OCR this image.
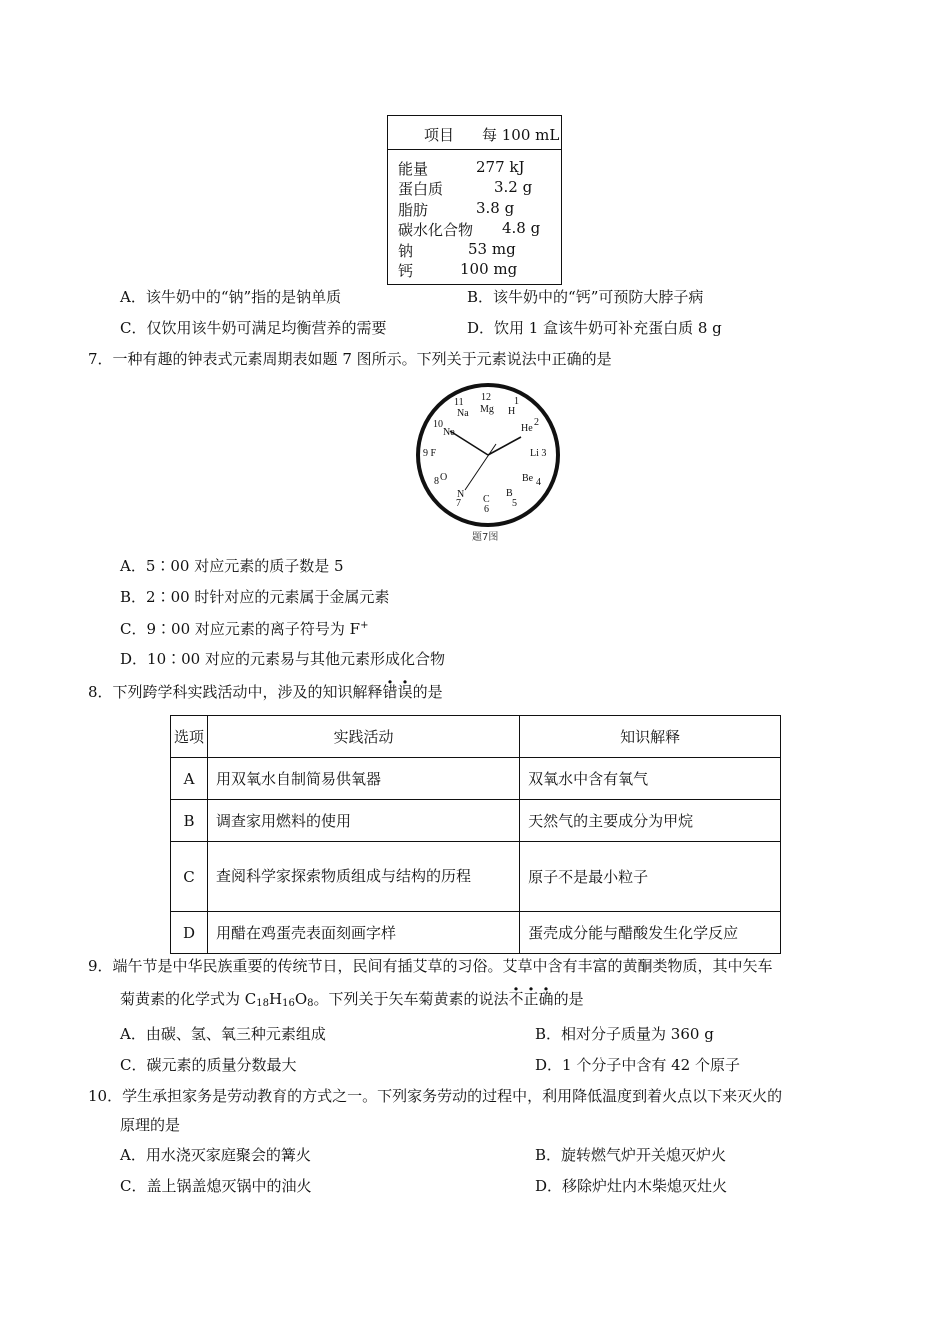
项目 每 100 mL
能量	277 kJ
蛋白质	3.2 g
脂肪	3.8 g
碳水化合物 4.8 g
钠	53 mg
钙	100 mg
A．该牛奶中的“钠”指的是钠单质	B．该牛奶中的“钙”可预防大脖子病
C．仅饮用该牛奶可满足均衡营养的需要	D．饮用 1 盒该牛奶可补充蛋白质 8 g
7．一种有趣的钟表式元素周期表如题 7 图所示。下列关于元素说法中正确的是
12
Mg
1
H
11
Na
He
2
10
Ne
Li 3
9 F
8 O	Be 4
N
7 C
6
B
5
题7图
A．5∶00 对应元素的质子数是 5
B．2∶00 时针对应的元素属于金属元素
C．9∶00 对应元素的离子符号为 F+
D．10∶00 对应的元素易与其他元素形成化合物
8．下列跨学科实践活动中，涉及的知识解释错误的是
选项	实践活动	知识解释
A	用双氧水自制简易供氧器	双氧水中含有氧气
B	调查家用燃料的使用	天然气的主要成分为甲烷
C	查阅科学家探索物质组成与结构的历程	原子不是最小粒子
D	用醋在鸡蛋壳表面刻画字样	蛋壳成分能与醋酸发生化学反应
9．端午节是中华民族重要的传统节日，民间有插艾草的习俗。艾草中含有丰富的黄酮类物质，其中矢车
菊黄素的化学式为 $C_{18}H_{16}O_8$。下列关于矢车菊黄素的说法不正确的是
A．由碳、氢、氧三种元素组成	B．相对分子质量为 360 g
C．碳元素的质量分数最大	D．1 个分子中含有 42 个原子
10．学生承担家务是劳动教育的方式之一。下列家务劳动的过程中，利用降低温度到着火点以下来灭火的
原理的是
A．用水浇灭家庭聚会的篝火	B．旋转燃气炉开关熄灭炉火
C．盖上锅盖熄灭锅中的油火	D．移除炉灶内木柴熄灭灶火
